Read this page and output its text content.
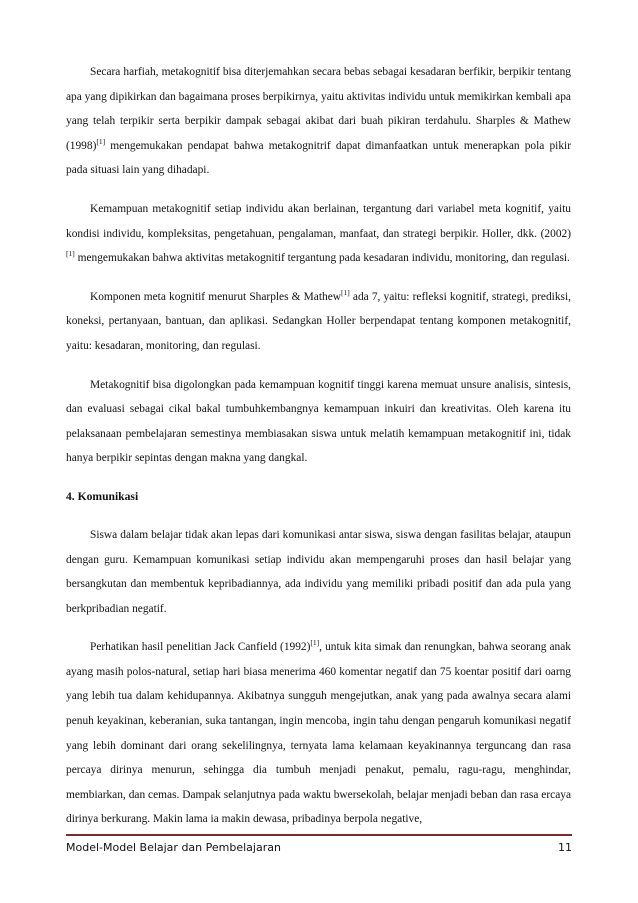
Secara harfiah, metakognitif bisa diterjemahkan secara bebas sebagai kesadaran berfikir, berpikir tentang apa yang dipikirkan dan bagaimana proses berpikirnya, yaitu aktivitas individu untuk memikirkan kembali apa yang telah terpikir serta berpikir dampak sebagai akibat dari buah pikiran terdahulu. Sharples & Mathew (1998)[1] mengemukakan pendapat bahwa metakognitrif dapat dimanfaatkan untuk menerapkan pola pikir pada situasi lain yang dihadapi.

Kemampuan metakognitif setiap individu akan berlainan, tergantung dari variabel meta kognitif, yaitu kondisi individu, kompleksitas, pengetahuan, pengalaman, manfaat, dan strategi berpikir. Holler, dkk. (2002)[1] mengemukakan bahwa aktivitas metakognitif tergantung pada kesadaran individu, monitoring, dan regulasi.

Komponen meta kognitif menurut Sharples & Mathew[1] ada 7, yaitu: refleksi kognitif, strategi, prediksi, koneksi, pertanyaan, bantuan, dan aplikasi. Sedangkan Holler berpendapat tentang komponen metakognitif, yaitu: kesadaran, monitoring, dan regulasi.

Metakognitif bisa digolongkan pada kemampuan kognitif tinggi karena memuat unsure analisis, sintesis, dan evaluasi sebagai cikal bakal tumbuhkembangnya kemampuan inkuiri dan kreativitas. Oleh karena itu pelaksanaan pembelajaran semestinya membiasakan siswa untuk melatih kemampuan metakognitif ini, tidak hanya berpikir sepintas dengan makna yang dangkal.

4. Komunikasi

Siswa dalam belajar tidak akan lepas dari komunikasi antar siswa, siswa dengan fasilitas belajar, ataupun dengan guru. Kemampuan komunikasi setiap individu akan mempengaruhi proses dan hasil belajar yang bersangkutan dan membentuk kepribadiannya, ada individu yang memiliki pribadi positif dan ada pula yang berkpribadian negatif.

Perhatikan hasil penelitian Jack Canfield (1992)[1], untuk kita simak dan renungkan, bahwa seorang anak ayang masih polos-natural, setiap hari biasa menerima 460 komentar negatif dan 75 koentar positif dari oarng yang lebih tua dalam kehidupannya. Akibatnya sungguh mengejutkan, anak yang pada awalnya secara alami penuh keyakinan, keberanian, suka tantangan, ingin mencoba, ingin tahu dengan pengaruh komunikasi negatif yang lebih dominant dari orang sekelilingnya, ternyata lama kelamaan keyakinannya terguncang dan rasa percaya dirinya menurun, sehingga dia tumbuh menjadi penakut, pemalu, ragu-ragu, menghindar, membiarkan, dan cemas. Dampak selanjutnya pada waktu bwersekolah, belajar menjadi beban dan rasa ercaya dirinya berkurang. Makin lama ia makin dewasa, pribadinya berpola negative,

Model-Model Belajar dan Pembelajaran	11
